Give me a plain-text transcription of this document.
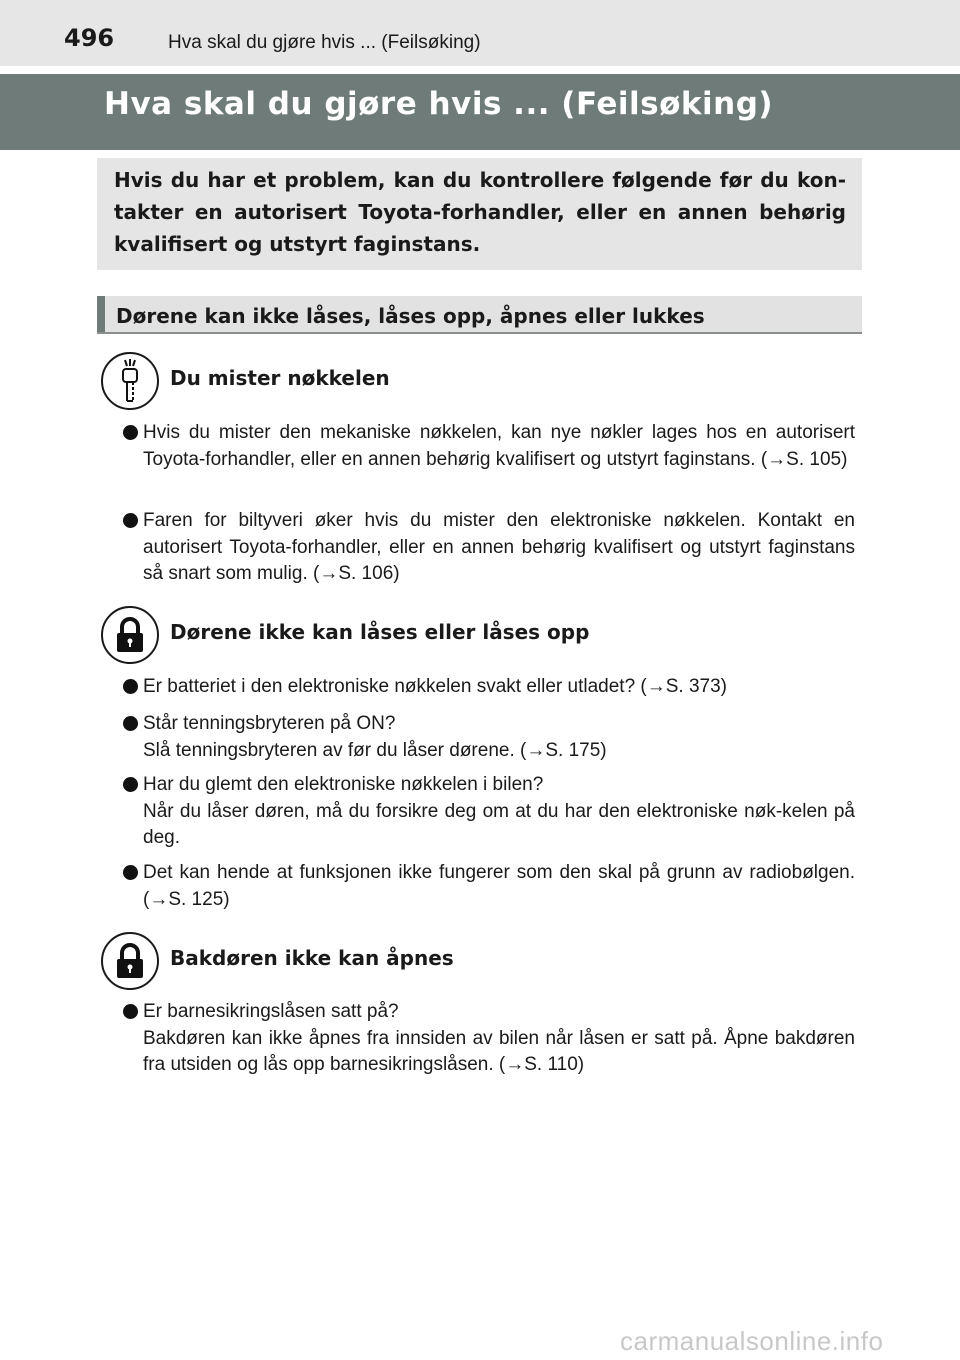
496	Hva skal du gjøre hvis ... (Feilsøking)
Hva skal du gjøre hvis ... (Feilsøking)
Hvis du har et problem, kan du kontrollere følgende før du kon-takter en autorisert Toyota-forhandler, eller en annen behørig kvalifisert og utstyrt faginstans.
Dørene kan ikke låses, låses opp, åpnes eller lukkes
Du mister nøkkelen
Hvis du mister den mekaniske nøkkelen, kan nye nøkler lages hos en autorisert Toyota-forhandler, eller en annen behørig kvalifisert og utstyrt faginstans. (→S. 105)
Faren for biltyveri øker hvis du mister den elektroniske nøkkelen. Kontakt en autorisert Toyota-forhandler, eller en annen behørig kvalifisert og utstyrt faginstans så snart som mulig. (→S. 106)
Dørene ikke kan låses eller låses opp
Er batteriet i den elektroniske nøkkelen svakt eller utladet? (→S. 373)
Står tenningsbryteren på ON?
Slå tenningsbryteren av før du låser dørene. (→S. 175)
Har du glemt den elektroniske nøkkelen i bilen?
Når du låser døren, må du forsikre deg om at du har den elektroniske nøk-kelen på deg.
Det kan hende at funksjonen ikke fungerer som den skal på grunn av radiobølgen. (→S. 125)
Bakdøren ikke kan åpnes
Er barnesikringslåsen satt på?
Bakdøren kan ikke åpnes fra innsiden av bilen når låsen er satt på. Åpne bakdøren fra utsiden og lås opp barnesikringslåsen. (→S. 110)
carmanualsonline.info
